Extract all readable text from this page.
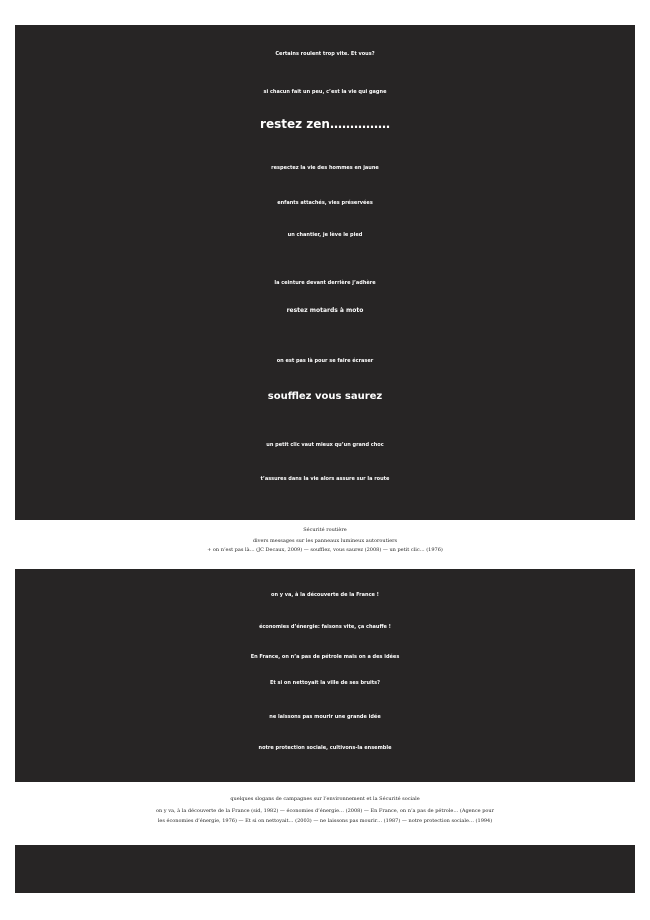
Certains roulent trop vite. Et vous?
si chacun fait un peu, c’est la vie qui gagne
restez zen……………
respectez la vie des hommes en jaune
enfants attachés, vies préservées
un chantier, je lève le pied
la ceinture devant derrière j’adhère
restez motards à moto
on est pas là pour se faire écraser
soufflez vous saurez
un petit clic vaut mieux qu’un grand choc
t’assures dans la vie alors assure sur la route
Sécurité routière
divers messages sur les panneaux lumineux autoroutiers
+ on n’est pas là… (JC Decaux, 2009) — soufflez, vous saurez (2008) — un petit clic… (1976)
on y va, à la découverte de la France !
économies d’énergie: faisons vite, ça chauffe !
En France, on n’a pas de pétrole mais on a des idées
Et si on nettoyait la ville de ses bruits?
ne laissons pas mourir une grande idée
notre protection sociale, cultivons-la ensemble
quelques slogans de campagnes sur l’environnement et la Sécurité sociale
on y va, à la découverte de la France (sid, 1982) — économies d’énergie… (2008) — En France, on n’a pas de pétrole… (Agence pour
les économies d’énergie, 1976) — Et si on nettoyait… (2003) — ne laissons pas mourir… (1987) — notre protection sociale… (1994)
